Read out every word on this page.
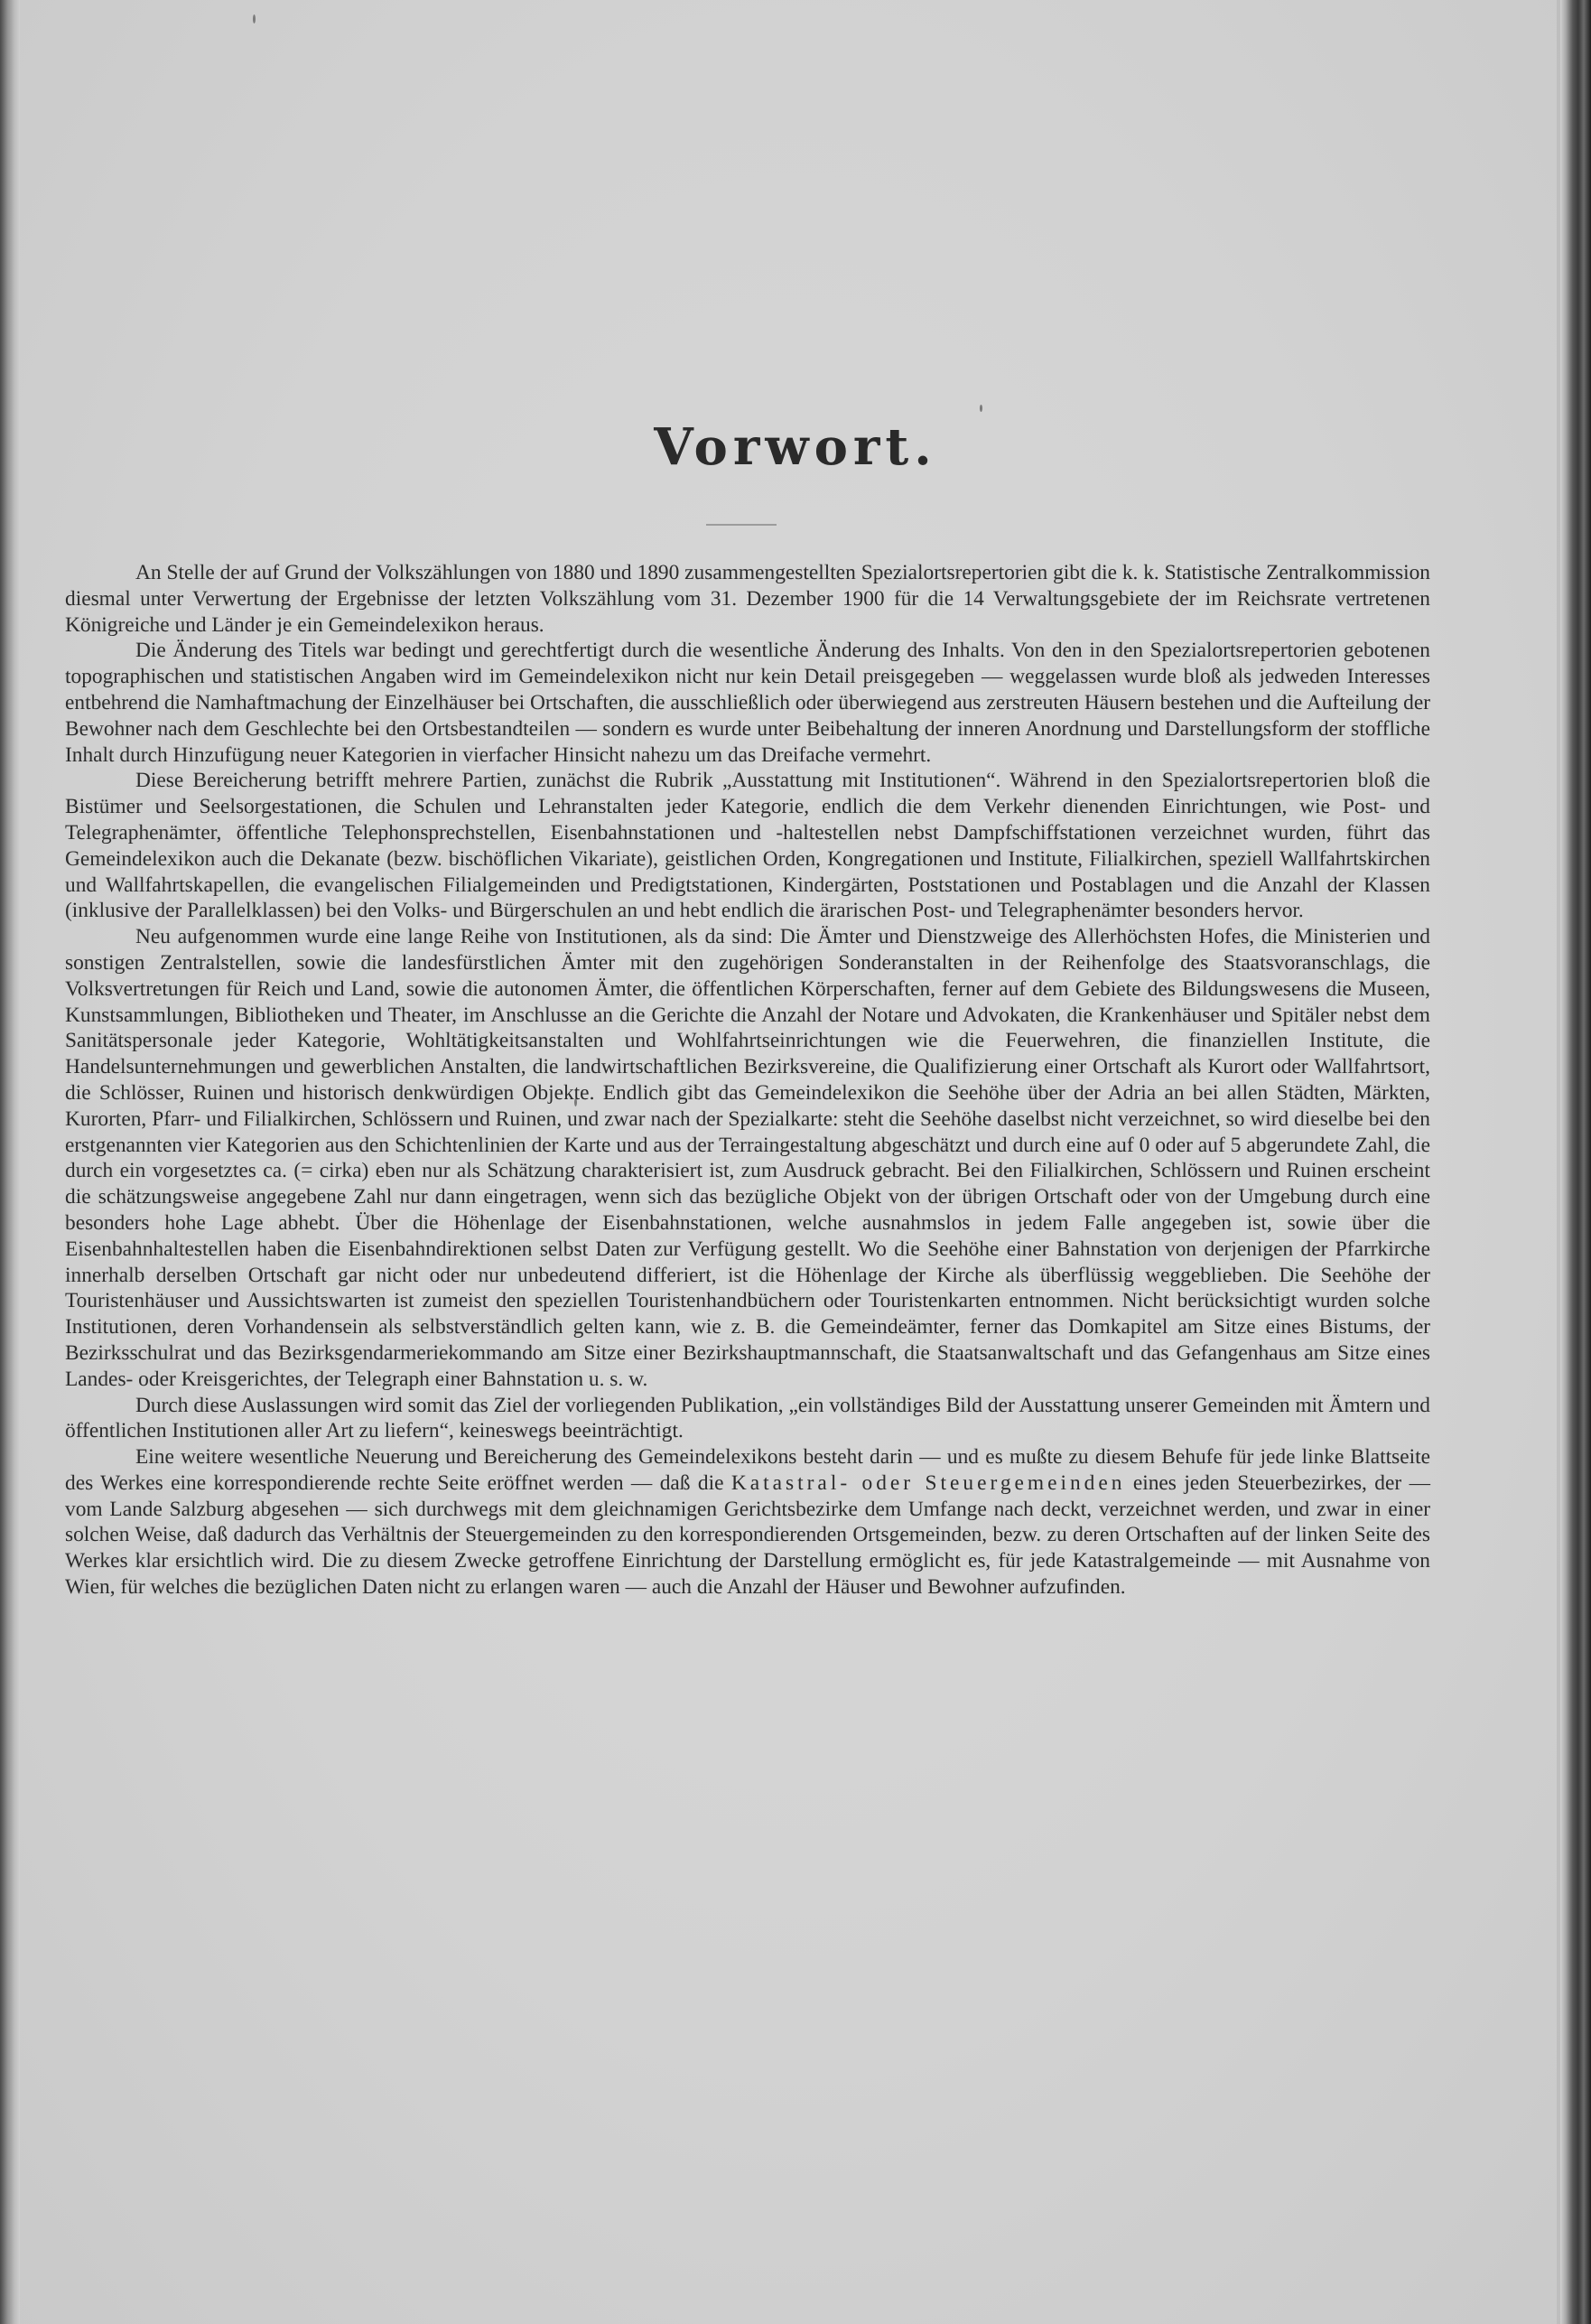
Vorwort.

An Stelle der auf Grund der Volkszählungen von 1880 und 1890 zusammengestellten Spezialortsrepertorien gibt die k. k. Statistische Zentralkommission diesmal unter Verwertung der Ergebnisse der letzten Volkszählung vom 31. Dezember 1900 für die 14 Verwaltungsgebiete der im Reichsrate vertretenen Königreiche und Länder je ein Gemeindelexikon heraus.

Die Änderung des Titels war bedingt und gerechtfertigt durch die wesentliche Änderung des Inhalts. Von den in den Spezialortsrepertorien gebotenen topographischen und statistischen Angaben wird im Gemeindelexikon nicht nur kein Detail preisgegeben — weggelassen wurde bloß als jedweden Interesses entbehrend die Namhaftmachung der Einzelhäuser bei Ortschaften, die ausschließlich oder überwiegend aus zerstreuten Häusern bestehen und die Aufteilung der Bewohner nach dem Geschlechte bei den Ortsbestandteilen — sondern es wurde unter Beibehaltung der inneren Anordnung und Darstellungsform der stoffliche Inhalt durch Hinzufügung neuer Kategorien in vierfacher Hinsicht nahezu um das Dreifache vermehrt.

Diese Bereicherung betrifft mehrere Partien, zunächst die Rubrik „Ausstattung mit Institutionen“. Während in den Spezialortsrepertorien bloß die Bistümer und Seelsorgestationen, die Schulen und Lehranstalten jeder Kategorie, endlich die dem Verkehr dienenden Einrichtungen, wie Post- und Telegraphenämter, öffentliche Telephonsprechstellen, Eisenbahnstationen und -haltestellen nebst Dampfschiffstationen verzeichnet wurden, führt das Gemeindelexikon auch die Dekanate (bezw. bischöflichen Vikariate), geistlichen Orden, Kongregationen und Institute, Filialkirchen, speziell Wallfahrtskirchen und Wallfahrtskapellen, die evangelischen Filialgemeinden und Predigtstationen, Kindergärten, Poststationen und Postablagen und die Anzahl der Klassen (inklusive der Parallelklassen) bei den Volks- und Bürgerschulen an und hebt endlich die ärarischen Post- und Telegraphenämter besonders hervor.

Neu aufgenommen wurde eine lange Reihe von Institutionen, als da sind: Die Ämter und Dienstzweige des Allerhöchsten Hofes, die Ministerien und sonstigen Zentralstellen, sowie die landesfürstlichen Ämter mit den zugehörigen Sonderanstalten in der Reihenfolge des Staatsvoranschlags, die Volksvertretungen für Reich und Land, sowie die autonomen Ämter, die öffentlichen Körperschaften, ferner auf dem Gebiete des Bildungswesens die Museen, Kunstsammlungen, Bibliotheken und Theater, im Anschlusse an die Gerichte die Anzahl der Notare und Advokaten, die Krankenhäuser und Spitäler nebst dem Sanitätspersonale jeder Kategorie, Wohltätigkeitsanstalten und Wohlfahrtseinrichtungen wie die Feuerwehren, die finanziellen Institute, die Handelsunternehmungen und gewerblichen Anstalten, die landwirtschaftlichen Bezirksvereine, die Qualifizierung einer Ortschaft als Kurort oder Wallfahrtsort, die Schlösser, Ruinen und historisch denkwürdigen Objekte. Endlich gibt das Gemeindelexikon die Seehöhe über der Adria an bei allen Städten, Märkten, Kurorten, Pfarr- und Filialkirchen, Schlössern und Ruinen, und zwar nach der Spezialkarte: steht die Seehöhe daselbst nicht verzeichnet, so wird dieselbe bei den erstgenannten vier Kategorien aus den Schichtenlinien der Karte und aus der Terraingestaltung abgeschätzt und durch eine auf 0 oder auf 5 abgerundete Zahl, die durch ein vorgesetztes ca. (= cirka) eben nur als Schätzung charakterisiert ist, zum Ausdruck gebracht. Bei den Filialkirchen, Schlössern und Ruinen erscheint die schätzungsweise angegebene Zahl nur dann eingetragen, wenn sich das bezügliche Objekt von der übrigen Ortschaft oder von der Umgebung durch eine besonders hohe Lage abhebt. Über die Höhenlage der Eisenbahnstationen, welche ausnahmslos in jedem Falle angegeben ist, sowie über die Eisenbahnhaltestellen haben die Eisenbahndirektionen selbst Daten zur Verfügung gestellt. Wo die Seehöhe einer Bahnstation von derjenigen der Pfarrkirche innerhalb derselben Ortschaft gar nicht oder nur unbedeutend differiert, ist die Höhenlage der Kirche als überflüssig weggeblieben. Die Seehöhe der Touristenhäuser und Aussichtswarten ist zumeist den speziellen Touristenhandbüchern oder Touristenkarten entnommen. Nicht berücksichtigt wurden solche Institutionen, deren Vorhandensein als selbstverständlich gelten kann, wie z. B. die Gemeindeämter, ferner das Domkapitel am Sitze eines Bistums, der Bezirksschulrat und das Bezirksgendarmeriekommando am Sitze einer Bezirkshauptmannschaft, die Staatsanwaltschaft und das Gefangenhaus am Sitze eines Landes- oder Kreisgerichtes, der Telegraph einer Bahnstation u. s. w.

Durch diese Auslassungen wird somit das Ziel der vorliegenden Publikation, „ein vollständiges Bild der Ausstattung unserer Gemeinden mit Ämtern und öffentlichen Institutionen aller Art zu liefern“, keineswegs beeinträchtigt.

Eine weitere wesentliche Neuerung und Bereicherung des Gemeindelexikons besteht darin — und es mußte zu diesem Behufe für jede linke Blattseite des Werkes eine korrespondierende rechte Seite eröffnet werden — daß die Katastral- oder Steuergemeinden eines jeden Steuerbezirkes, der — vom Lande Salzburg abgesehen — sich durchwegs mit dem gleichnamigen Gerichtsbezirke dem Umfange nach deckt, verzeichnet werden, und zwar in einer solchen Weise, daß dadurch das Verhältnis der Steuergemeinden zu den korrespondierenden Ortsgemeinden, bezw. zu deren Ortschaften auf der linken Seite des Werkes klar ersichtlich wird. Die zu diesem Zwecke getroffene Einrichtung der Darstellung ermöglicht es, für jede Katastralgemeinde — mit Ausnahme von Wien, für welches die bezüglichen Daten nicht zu erlangen waren — auch die Anzahl der Häuser und Bewohner aufzufinden.
